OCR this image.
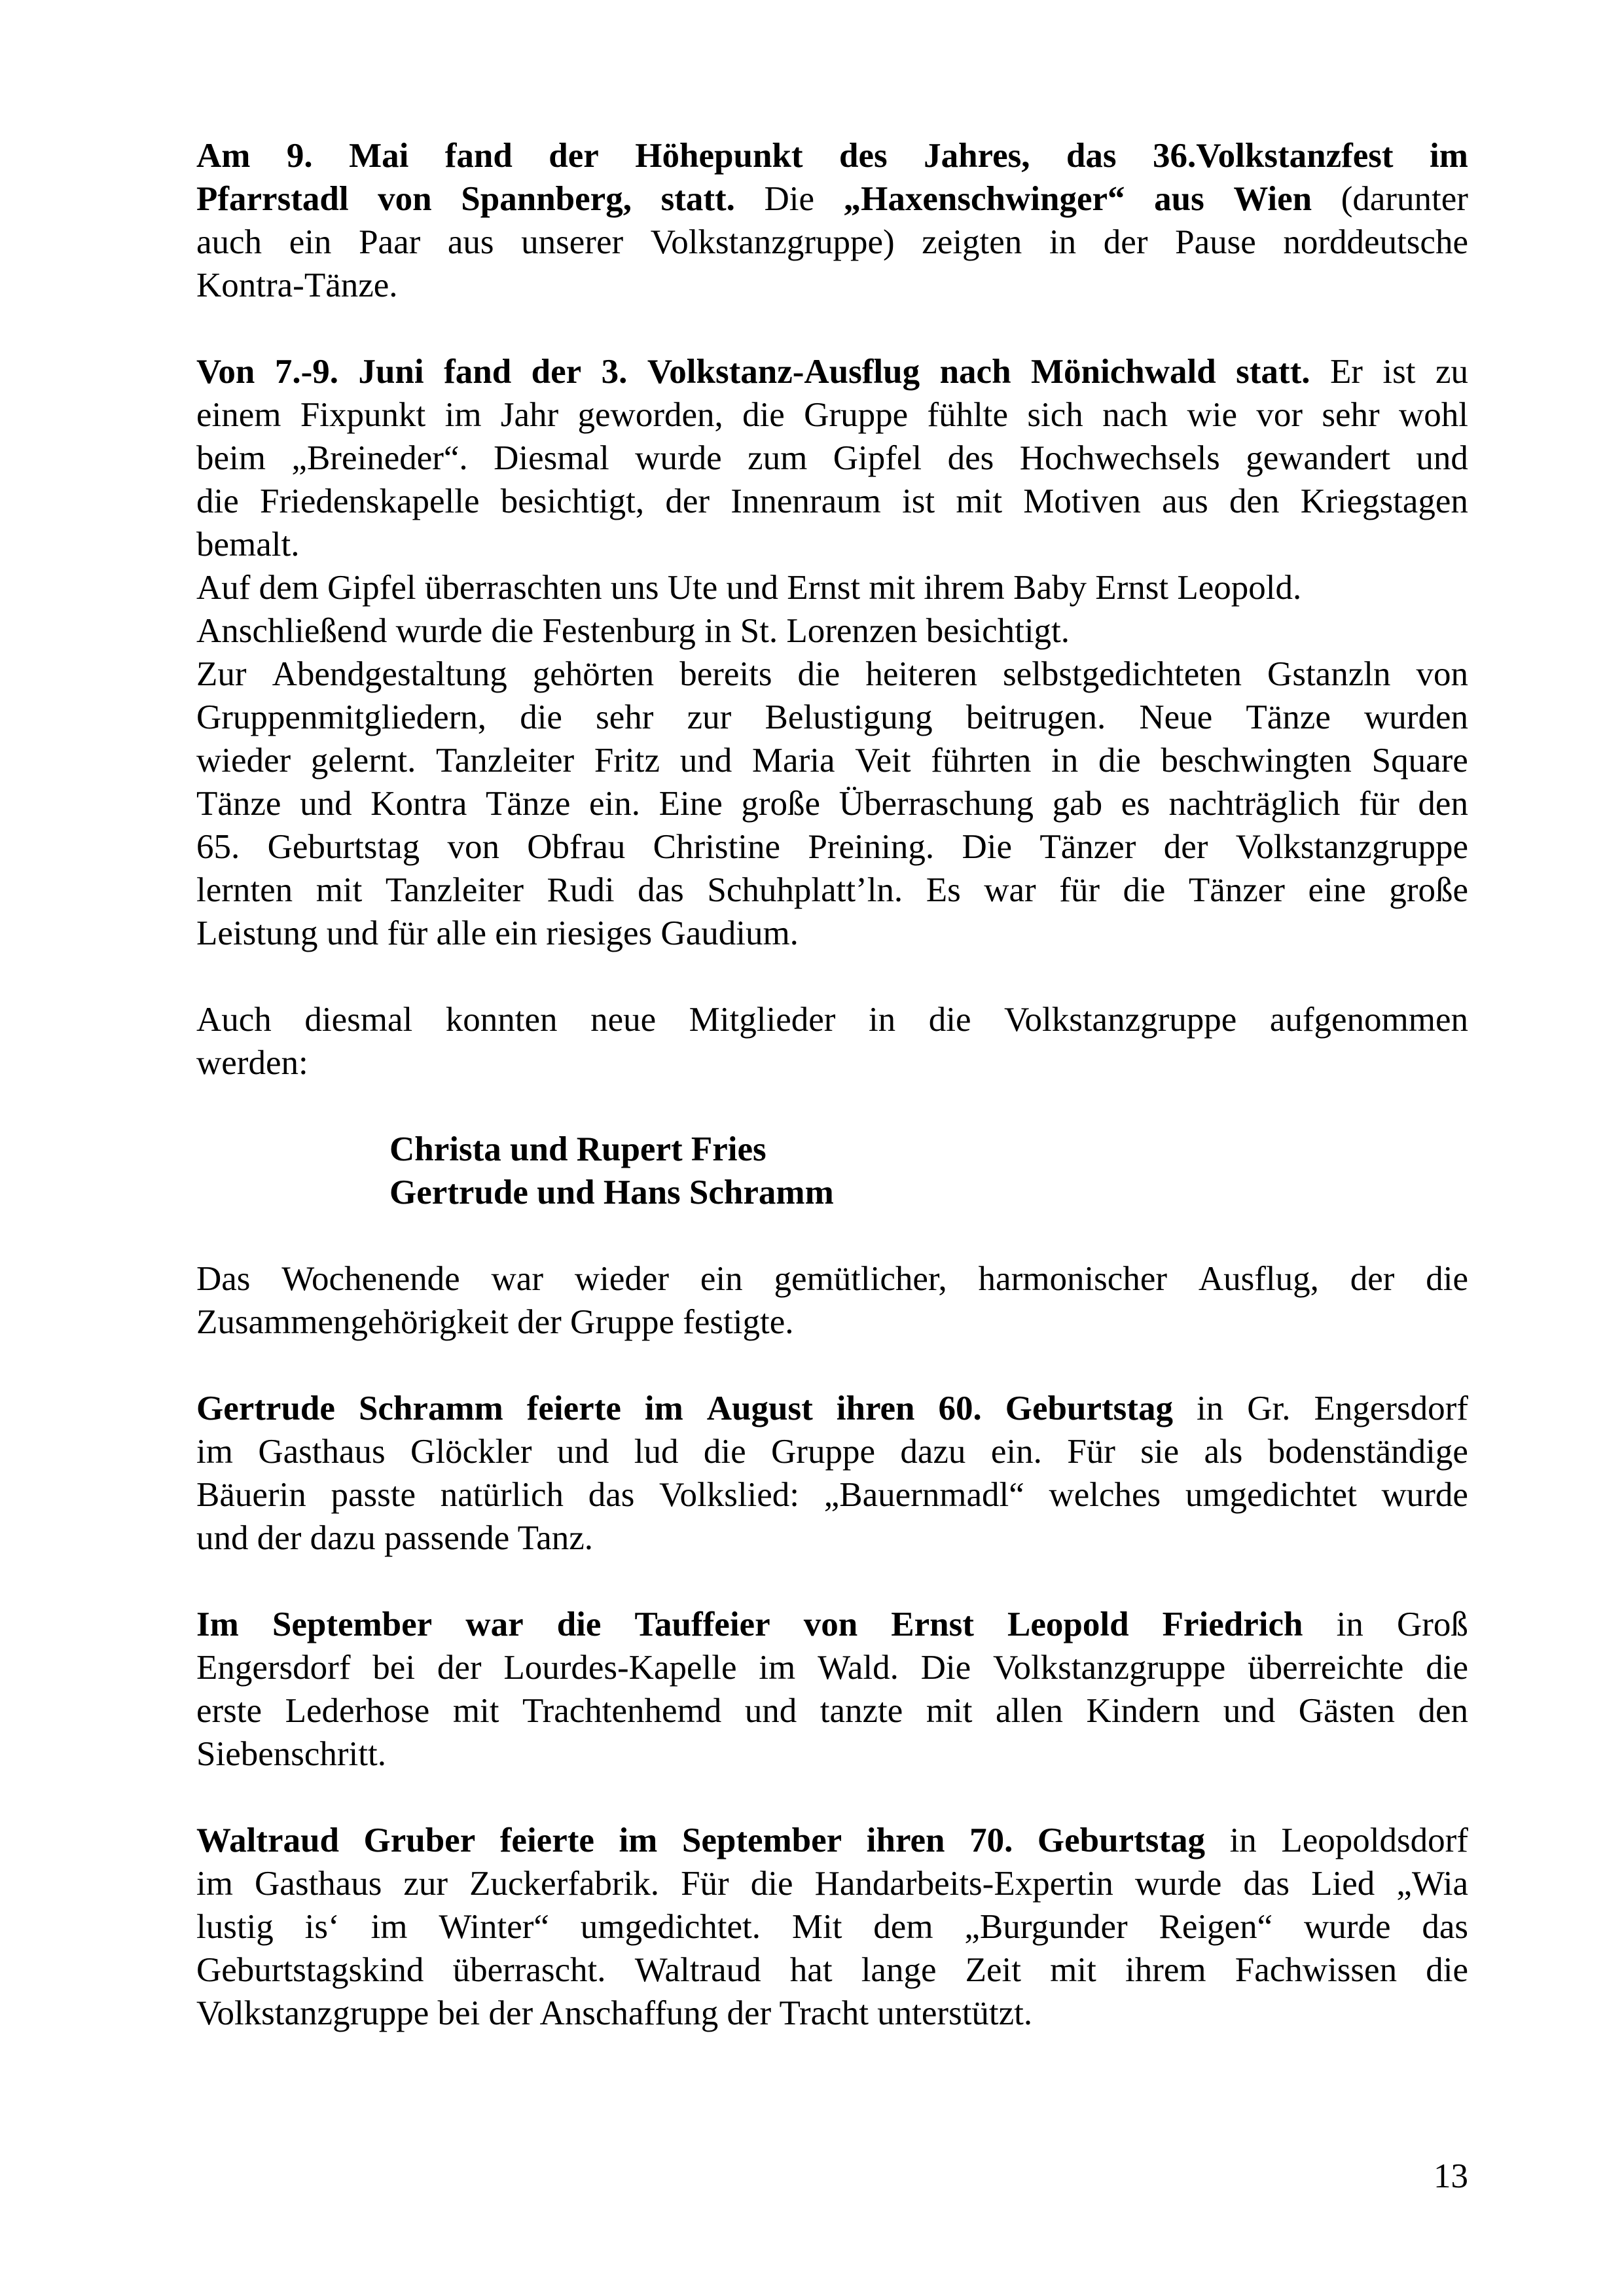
Am 9. Mai fand der Höhepunkt des Jahres, das 36.Volkstanzfest im
Pfarrstadl von Spannberg, statt. Die „Haxenschwinger“ aus Wien (darunter
auch ein Paar aus unserer Volkstanzgruppe) zeigten in der Pause norddeutsche
Kontra-Tänze.
Von 7.-9. Juni fand der 3. Volkstanz-Ausflug nach Mönichwald statt. Er ist zu
einem Fixpunkt im Jahr geworden, die Gruppe fühlte sich nach wie vor sehr wohl
beim „Breineder“. Diesmal wurde zum Gipfel des Hochwechsels gewandert und
die Friedenskapelle besichtigt, der Innenraum ist mit Motiven aus den Kriegstagen
bemalt.
Auf dem Gipfel überraschten uns Ute und Ernst mit ihrem Baby Ernst Leopold.
Anschließend wurde die Festenburg in St. Lorenzen besichtigt.
Zur Abendgestaltung gehörten bereits die heiteren selbstgedichteten Gstanzln von
Gruppenmitgliedern, die sehr zur Belustigung beitrugen. Neue Tänze wurden
wieder gelernt. Tanzleiter Fritz und Maria Veit führten in die beschwingten Square
Tänze und Kontra Tänze ein. Eine große Überraschung gab es nachträglich für den
65. Geburtstag von Obfrau Christine Preining. Die Tänzer der Volkstanzgruppe
lernten mit Tanzleiter Rudi das Schuhplatt’ln. Es war für die Tänzer eine große
Leistung und für alle ein riesiges Gaudium.
Auch diesmal konnten neue Mitglieder in die Volkstanzgruppe aufgenommen
werden:
Christa und Rupert Fries
Gertrude und Hans Schramm
Das Wochenende war wieder ein gemütlicher, harmonischer Ausflug, der die
Zusammengehörigkeit der Gruppe festigte.
Gertrude Schramm feierte im August ihren 60. Geburtstag in Gr. Engersdorf
im Gasthaus Glöckler und lud die Gruppe dazu ein. Für sie als bodenständige
Bäuerin passte natürlich das Volkslied: „Bauernmadl“ welches umgedichtet wurde
und der dazu passende Tanz.
Im September war die Tauffeier von Ernst Leopold Friedrich in Groß
Engersdorf bei der Lourdes-Kapelle im Wald. Die Volkstanzgruppe überreichte die
erste Lederhose mit Trachtenhemd und tanzte mit allen Kindern und Gästen den
Siebenschritt.
Waltraud Gruber feierte im September ihren 70. Geburtstag in Leopoldsdorf
im Gasthaus zur Zuckerfabrik. Für die Handarbeits-Expertin wurde das Lied „Wia
lustig is‘ im Winter“ umgedichtet. Mit dem „Burgunder Reigen“ wurde das
Geburtstagskind überrascht. Waltraud hat lange Zeit mit ihrem Fachwissen die
Volkstanzgruppe bei der Anschaffung der Tracht unterstützt.
13
